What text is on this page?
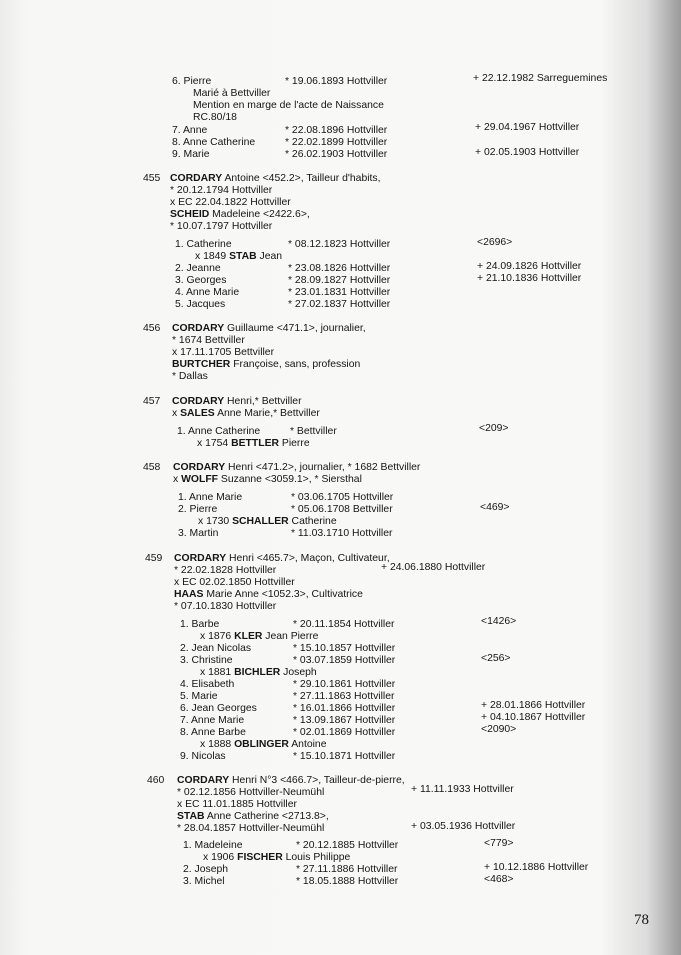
6. Pierre	* 19.06.1893 Hottviller	+ 22.12.1982 Sarreguemines
Marié à Bettviller
Mention en marge de l'acte de Naissance
RC.80/18
7. Anne	* 22.08.1896 Hottviller	+ 29.04.1967 Hottviller
8. Anne Catherine	* 22.02.1899 Hottviller
9. Marie	* 26.02.1903 Hottviller	+ 02.05.1903 Hottviller
455 CORDARY Antoine <452.2>, Tailleur d'habits,
* 20.12.1794 Hottviller
x EC 22.04.1822 Hottviller
SCHEID Madeleine <2422.6>,
* 10.07.1797 Hottviller
1. Catherine	* 08.12.1823 Hottviller	<2696>
x 1849 STAB Jean
2. Jeanne	* 23.08.1826 Hottviller	+ 24.09.1826 Hottviller
3. Georges	* 28.09.1827 Hottviller	+ 21.10.1836 Hottviller
4. Anne Marie	* 23.01.1831 Hottviller
5. Jacques	* 27.02.1837 Hottviller
456 CORDARY Guillaume <471.1>, journalier,
* 1674 Bettviller
x 17.11.1705 Bettviller
BURTCHER Françoise, sans, profession
* Dallas
457 CORDARY Henri,* Bettviller
x SALES Anne Marie,* Bettviller
1. Anne Catherine	* Bettviller	<209>
x 1754 BETTLER Pierre
458 CORDARY Henri <471.2>, journalier, * 1682 Bettviller
x WOLFF Suzanne <3059.1>, * Siersthal
1. Anne Marie	* 03.06.1705 Hottviller
2. Pierre	* 05.06.1708 Bettviller	<469>
x 1730 SCHALLER Catherine
3. Martin	* 11.03.1710 Hottviller
459 CORDARY Henri <465.7>, Maçon, Cultivateur,
* 22.02.1828 Hottviller	+ 24.06.1880 Hottviller
x EC 02.02.1850 Hottviller
HAAS Marie Anne <1052.3>, Cultivatrice
* 07.10.1830 Hottviller
1. Barbe	* 20.11.1854 Hottviller	<1426>
x 1876 KLER Jean Pierre
2. Jean Nicolas	* 15.10.1857 Hottviller
3. Christine	* 03.07.1859 Hottviller	<256>
x 1881 BICHLER Joseph
4. Elisabeth	* 29.10.1861 Hottviller
5. Marie	* 27.11.1863 Hottviller
6. Jean Georges	* 16.01.1866 Hottviller	+ 28.01.1866 Hottviller
7. Anne Marie	* 13.09.1867 Hottviller	+ 04.10.1867 Hottviller
8. Anne Barbe	* 02.01.1869 Hottviller	<2090>
x 1888 OBLINGER Antoine
9. Nicolas	* 15.10.1871 Hottviller
460 CORDARY Henri N°3 <466.7>, Tailleur-de-pierre,
* 02.12.1856 Hottviller-Neumühl	+ 11.11.1933 Hottviller
x EC 11.01.1885 Hottviller
STAB Anne Catherine <2713.8>,
* 28.04.1857 Hottviller-Neumühl	+ 03.05.1936 Hottviller
1. Madeleine	* 20.12.1885 Hottviller	<779>
x 1906 FISCHER Louis Philippe
2. Joseph	* 27.11.1886 Hottviller	+ 10.12.1886 Hottviller
3. Michel	* 18.05.1888 Hottviller	<468>
78
